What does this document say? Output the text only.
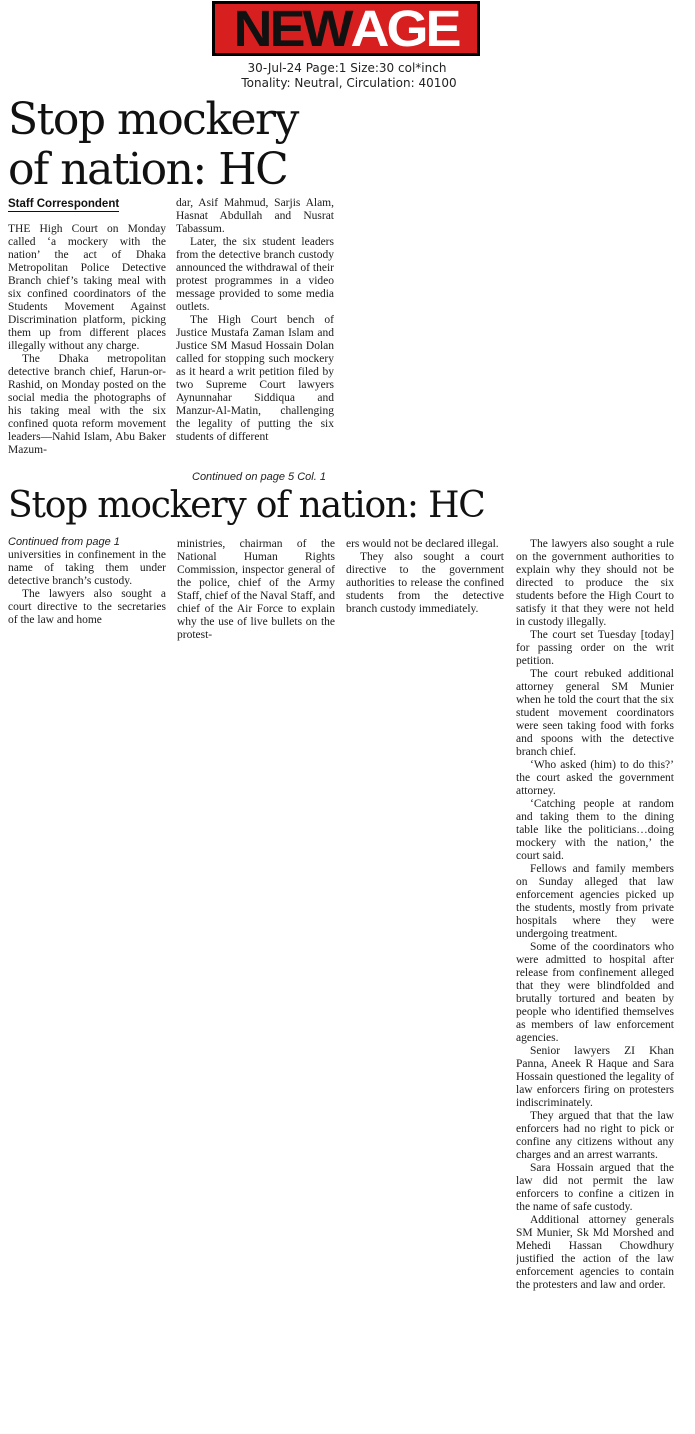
NEW AGE
30-Jul-24 Page:1 Size:30 col*inch
Tonality: Neutral, Circulation: 40100
Stop mockery
of nation: HC
Staff Correspondent

THE High Court on Monday called ‘a mockery with the nation’ the act of Dhaka Metropolitan Police Detective Branch chief’s taking meal with six confined coordinators of the Students Movement Against Discrimination platform, picking them up from different places illegally without any charge.

The Dhaka metropolitan detective branch chief, Harun-or-Rashid, on Monday posted on the social media the photographs of his taking meal with the six confined quota reform movement leaders—Nahid Islam, Abu Baker Mazum-

dar, Asif Mahmud, Sarjis Alam, Hasnat Abdullah and Nusrat Tabassum.

Later, the six student leaders from the detective branch custody announced the withdrawal of their protest programmes in a video message provided to some media outlets.

The High Court bench of Justice Mustafa Zaman Islam and Justice SM Masud Hossain Dolan called for stopping such mockery as it heard a writ petition filed by two Supreme Court lawyers Aynunnahar Siddiqua and Manzur-Al-Matin, challenging the legality of putting the six students of different

Continued on page 5 Col. 1
Stop mockery of nation: HC
Continued from page 1

universities in confinement in the name of taking them under detective branch’s custody.

The lawyers also sought a court directive to the secretaries of the law and home

ministries, chairman of the National Human Rights Commission, inspector general of the police, chief of the Army Staff, chief of the Naval Staff, and chief of the Air Force to explain why the use of live bullets on the protest-

ers would not be declared illegal.

They also sought a court directive to the government authorities to release the confined students from the detective branch custody immediately.

The lawyers also sought a rule on the government authorities to explain why they should not be directed to produce the six students before the High Court to satisfy it that they were not held in custody illegally.

The court set Tuesday [today] for passing order on the writ petition.

The court rebuked additional attorney general SM Munier when he told the court that the six student movement coordinators were seen taking food with forks and spoons with the detective branch chief.

‘Who asked (him) to do this?’ the court asked the government attorney.

‘Catching people at random and taking them to the dining table like the politicians…doing mockery with the nation,’ the court said.

Fellows and family members on Sunday alleged that law enforcement agencies picked up the students, mostly from private hospitals where they were undergoing treatment.

Some of the coordinators who were admitted to hospital after release from confinement alleged that they were blindfolded and brutally tortured and beaten by people who identified themselves as members of law enforcement agencies.

Senior lawyers ZI Khan Panna, Aneek R Haque and Sara Hossain questioned the legality of law enforcers firing on protesters indiscriminately.

They argued that that the law enforcers had no right to pick or confine any citizens without any charges and an arrest warrants.

Sara Hossain argued that the law did not permit the law enforcers to confine a citizen in the name of safe custody.

Additional attorney generals SM Munier, Sk Md Morshed and Mehedi Hassan Chowdhury justified the action of the law enforcement agencies to contain the protesters and law and order.
